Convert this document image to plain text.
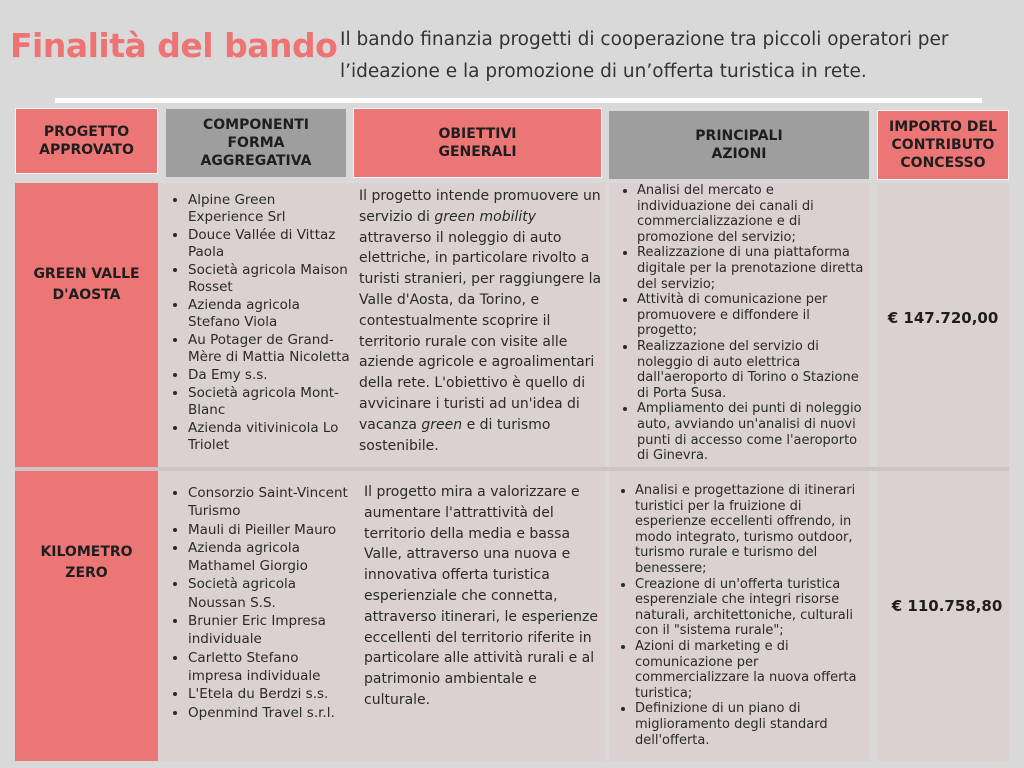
Finalità del bando Il bando finanzia progetti di cooperazione tra piccoli operatori per l’ideazione e la promozione di un’offerta turistica in rete.
PROGETTO APPROVATO
COMPONENTI FORMA AGGREGATIVA
OBIETTIVI GENERALI
PRINCIPALI AZIONI
IMPORTO DEL CONTRIBUTO CONCESSO
GREEN VALLE D'AOSTA
KILOMETRO ZERO
• Alpine Green Experience Srl
• Douce Vallée di Vittaz Paola
• Società agricola Maison Rosset
• Azienda agricola Stefano Viola
• Au Potager de Grand-Mère di Mattia Nicoletta
• Da Emy s.s.
• Società agricola Mont-Blanc
• Azienda vitivinicola Lo Triolet
• Consorzio Saint-Vincent Turismo
• Mauli di Pieiller Mauro
• Azienda agricola Mathamel Giorgio
• Società agricola Noussan S.S.
• Brunier Eric Impresa individuale
• Carletto Stefano impresa individuale
• L'Etela du Berdzi s.s.
• Openmind Travel s.r.l.
Il progetto intende promuovere un servizio di green mobility attraverso il noleggio di auto elettriche, in particolare rivolto a turisti stranieri, per raggiungere la Valle d'Aosta, da Torino, e contestualmente scoprire il territorio rurale con visite alle aziende agricole e agroalimentari della rete. L'obiettivo è quello di avvicinare i turisti ad un'idea di vacanza green e di turismo sostenibile.
Il progetto mira a valorizzare e aumentare l'attrattività del territorio della media e bassa Valle, attraverso una nuova e innovativa offerta turistica esperienziale che connetta, attraverso itinerari, le esperienze eccellenti del territorio riferite in particolare alle attività rurali e al patrimonio ambientale e culturale.
• Analisi del mercato e individuazione dei canali di commercializzazione e di promozione del servizio;
• Realizzazione di una piattaforma digitale per la prenotazione diretta del servizio;
• Attività di comunicazione per promuovere e diffondere il progetto;
• Realizzazione del servizio di noleggio di auto elettrica dall'aeroporto di Torino o Stazione di Porta Susa.
• Ampliamento dei punti di noleggio auto, avviando un'analisi di nuovi punti di accesso come l'aeroporto di Ginevra.
• Analisi e progettazione di itinerari turistici per la fruizione di esperienze eccellenti offrendo, in modo integrato, turismo outdoor, turismo rurale e turismo del benessere;
• Creazione di un'offerta turistica esperenziale che integri risorse naturali, architettoniche, culturali con il "sistema rurale";
• Azioni di marketing e di comunicazione per commercializzare la nuova offerta turistica;
• Definizione di un piano di miglioramento degli standard dell'offerta.
€ 147.720,00
€ 110.758,80
